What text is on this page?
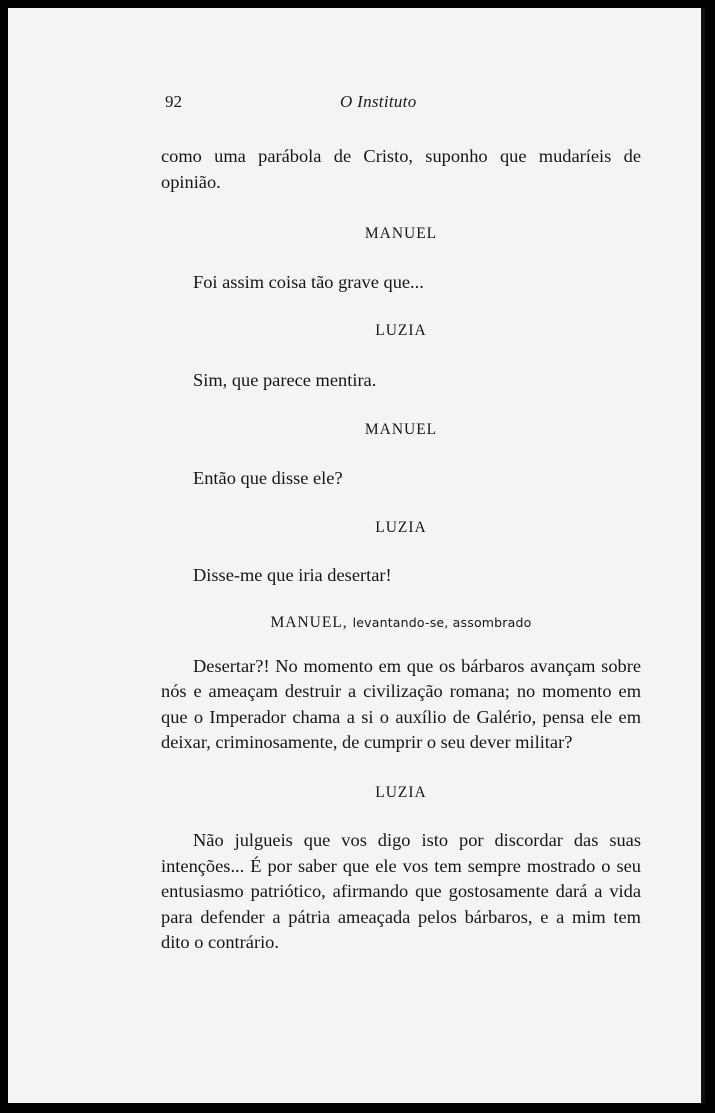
92	O Instituto

como uma parábola de Cristo, suponho que mudaríeis de opinião.

MANUEL

Foi assim coisa tão grave que...

LUZIA

Sim, que parece mentira.

MANUEL

Então que disse ele?

LUZIA

Disse-me que iria desertar!

MANUEL, levantando-se, assombrado

Desertar?! No momento em que os bárbaros avançam sobre nós e ameaçam destruir a civilização romana; no momento em que o Imperador chama a si o auxílio de Galério, pensa ele em deixar, criminosamente, de cumprir o seu dever militar?

LUZIA

Não julgueis que vos digo isto por discordar das suas intenções... É por saber que ele vos tem sempre mostrado o seu entusiasmo patriótico, afirmando que gostosamente dará a vida para defender a pátria ameaçada pelos bárbaros, e a mim tem dito o contrário.
